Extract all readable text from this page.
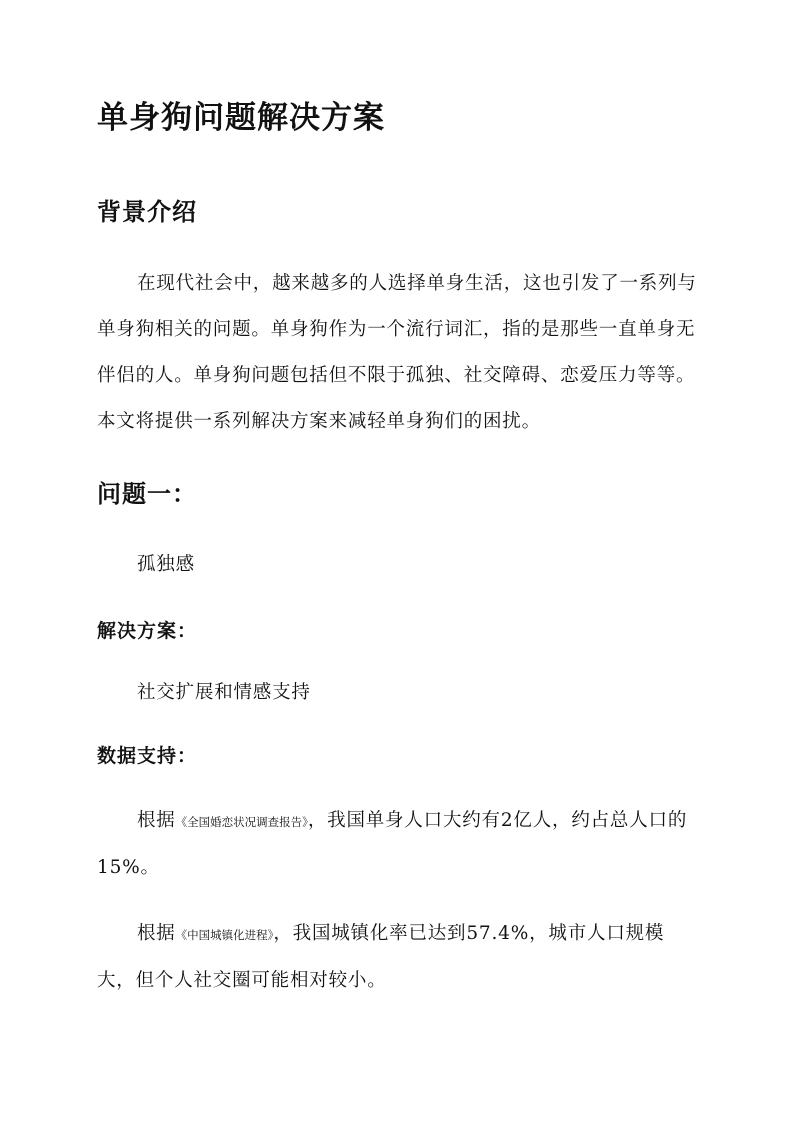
单身狗问题解决方案
背景介绍

在现代社会中，越来越多的人选择单身生活，这也引发了一系列与单身狗相关的问题。单身狗作为一个流行词汇，指的是那些一直单身无伴侣的人。单身狗问题包括但不限于孤独、社交障碍、恋爱压力等等。本文将提供一系列解决方案来减轻单身狗们的困扰。

问题一：

孤独感

解决方案：

社交扩展和情感支持

数据支持：

根据《全国婚恋状况调查报告》，我国单身人口大约有2亿人，约占总人口的15%。

根据《中国城镇化进程》，我国城镇化率已达到57.4%，城市人口规模大，但个人社交圈可能相对较小。
